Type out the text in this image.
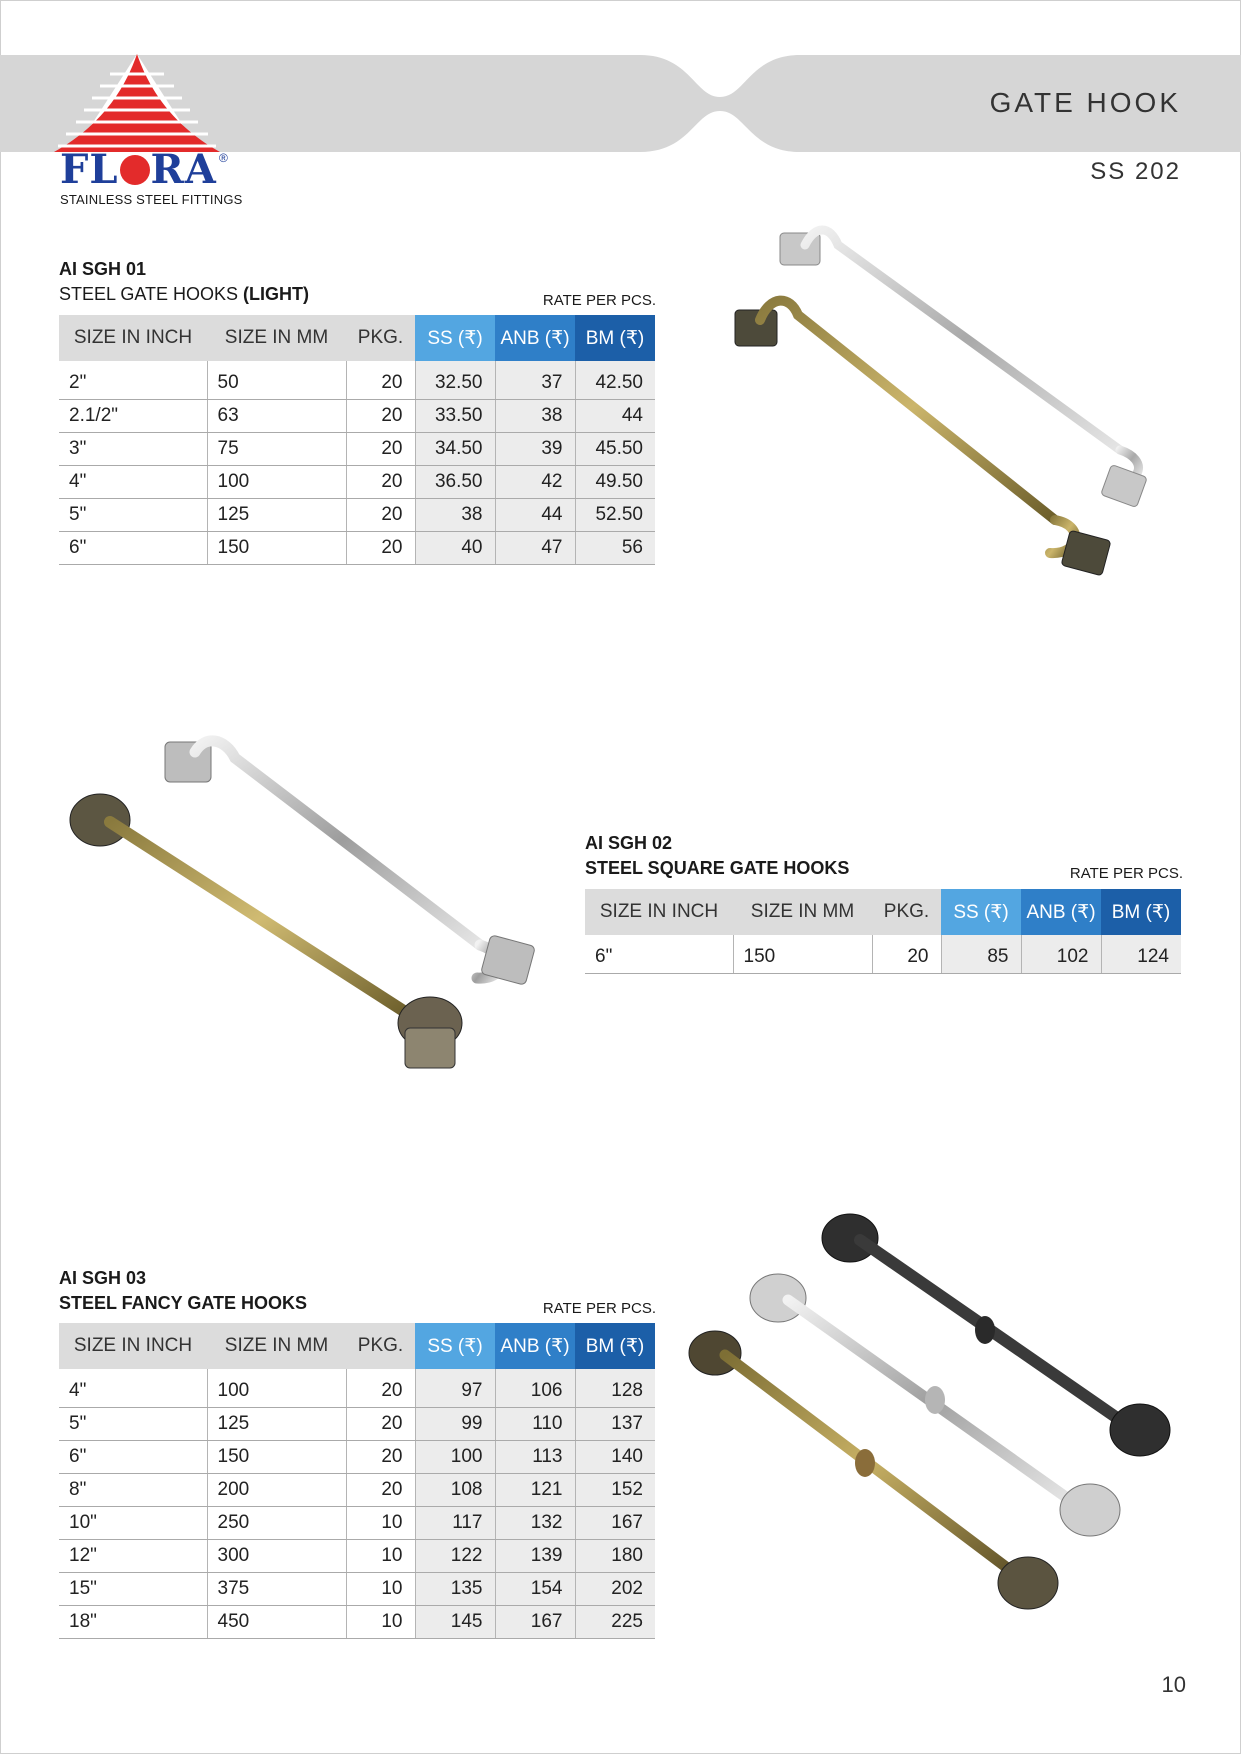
FL RA ®
STAINLESS STEEL FITTINGS
GATE HOOK
SS 202
AI SGH 01
STEEL GATE HOOKS (LIGHT)	RATE PER PCS.
SIZE IN INCH	SIZE IN MM	PKG.	SS (₹)	ANB (₹)	BM (₹)
2"	50	20	32.50	37	42.50
2.1/2"	63	20	33.50	38	44
3"	75	20	34.50	39	45.50
4"	100	20	36.50	42	49.50
5"	125	20	38	44	52.50
6"	150	20	40	47	56
AI SGH 02
STEEL SQUARE GATE HOOKS	RATE PER PCS.
SIZE IN INCH	SIZE IN MM	PKG.	SS (₹)	ANB (₹)	BM (₹)
6"	150	20	85	102	124
AI SGH 03
STEEL FANCY GATE HOOKS	RATE PER PCS.
SIZE IN INCH	SIZE IN MM	PKG.	SS (₹)	ANB (₹)	BM (₹)
4"	100	20	97	106	128
5"	125	20	99	110	137
6"	150	20	100	113	140
8"	200	20	108	121	152
10"	250	10	117	132	167
12"	300	10	122	139	180
15"	375	10	135	154	202
18"	450	10	145	167	225
10
